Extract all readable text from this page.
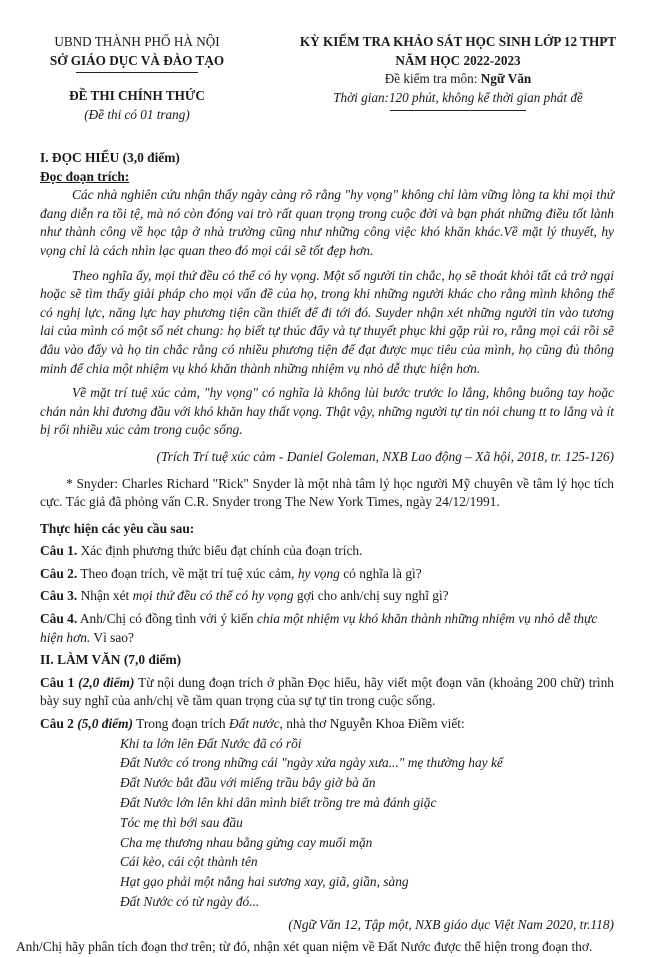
UBND THÀNH PHỐ HÀ NỘI
SỞ GIÁO DỤC VÀ ĐÀO TẠO
ĐỀ THI CHÍNH THỨC
(Đề thi có 01 trang)
KỲ KIỂM TRA KHẢO SÁT HỌC SINH LỚP 12 THPT
NĂM HỌC 2022-2023
Đề kiểm tra môn: Ngữ Văn
Thời gian:120 phút, không kể thời gian phát đề
I. ĐỌC HIỂU (3,0 điểm)
Đọc đoạn trích:
Các nhà nghiên cứu nhận thấy ngày càng rõ rằng "hy vọng" không chỉ làm vững lòng ta khi mọi thứ đang diễn ra tồi tệ, mà nó còn đóng vai trò rất quan trọng trong cuộc đời và bạn phát những điều tốt lành như thành công về học tập ở nhà trường cũng như những công việc khó khăn khác.Về mặt lý thuyết, hy vọng chỉ là cách nhìn lạc quan theo đó mọi cái sẽ tốt đẹp hơn.
Theo nghĩa ấy, mọi thứ đều có thể có hy vọng. Một số người tin chắc, họ sẽ thoát khỏi tất cả trở ngại hoặc sẽ tìm thấy giải pháp cho mọi vấn đề của họ, trong khi những người khác cho rằng mình không thể có nghị lực, năng lực hay phương tiện cần thiết để đi tới đó. Suyder nhận xét những người tin vào tương lai của mình có một số nét chung: họ biết tự thúc đẩy và tự thuyết phục khi gặp rủi ro, rằng mọi cái rồi sẽ đâu vào đấy và họ tin chắc rằng có nhiều phương tiện để đạt được mục tiêu của mình, họ cũng đủ thông minh để chia một nhiệm vụ khó khăn thành những nhiệm vụ nhỏ dễ thực hiện hơn.
Về mặt trí tuệ xúc cảm, "hy vọng" có nghĩa là không lùi bước trước lo lắng, không buông tay hoặc chán nản khi đương đầu với khó khăn hay thất vọng. Thật vậy, những người tự tin nói chung tt to lắng và ít bị rối nhiều xúc cảm trong cuộc sống.
(Trích Trí tuệ xúc cảm - Daniel Goleman, NXB Lao động – Xã hội, 2018, tr. 125-126)
* Snyder: Charles Richard "Rick" Snyder là một nhà tâm lý học người Mỹ chuyên về tâm lý học tích cực. Tác giả đã phỏng vấn C.R. Snyder trong The New York Times, ngày 24/12/1991.
Thực hiện các yêu cầu sau:
Câu 1. Xác định phương thức biểu đạt chính của đoạn trích.
Câu 2. Theo đoạn trích, về mặt trí tuệ xúc cảm, hy vọng có nghĩa là gì?
Câu 3. Nhận xét mọi thứ đều có thể có hy vọng gợi cho anh/chị suy nghĩ gì?
Câu 4. Anh/Chị có đồng tình với ý kiến chia một nhiệm vụ khó khăn thành những nhiệm vụ nhỏ dễ thực hiện hơn. Vì sao?
II. LÀM VĂN (7,0 điểm)
Câu 1 (2,0 điểm) Từ nội dung đoạn trích ở phần Đọc hiểu, hãy viết một đoạn văn (khoảng 200 chữ) trình bày suy nghĩ của anh/chị về tầm quan trọng của sự tự tin trong cuộc sống.
Câu 2 (5,0 điểm) Trong đoạn trích Đất nước, nhà thơ Nguyễn Khoa Điềm viết:
Khi ta lớn lên Đất Nước đã có rồi
Đất Nước có trong những cái "ngày xửa ngày xưa..." mẹ thường hay kể
Đất Nước bắt đầu với miếng trầu bây giờ bà ăn
Đất Nước lớn lên khi dân mình biết trồng tre mà đánh giặc
Tóc mẹ thì bới sau đầu
Cha mẹ thương nhau bằng gừng cay muối mặn
Cái kèo, cái cột thành tên
Hạt gạo phải một nắng hai sương xay, giã, giần, sàng
Đất Nước có từ ngày đó...
(Ngữ Văn 12, Tập một, NXB giáo dục Việt Nam 2020, tr.118)
Anh/Chị hãy phân tích đoạn thơ trên; từ đó, nhận xét quan niệm về Đất Nước được thể hiện trong đoạn thơ.
